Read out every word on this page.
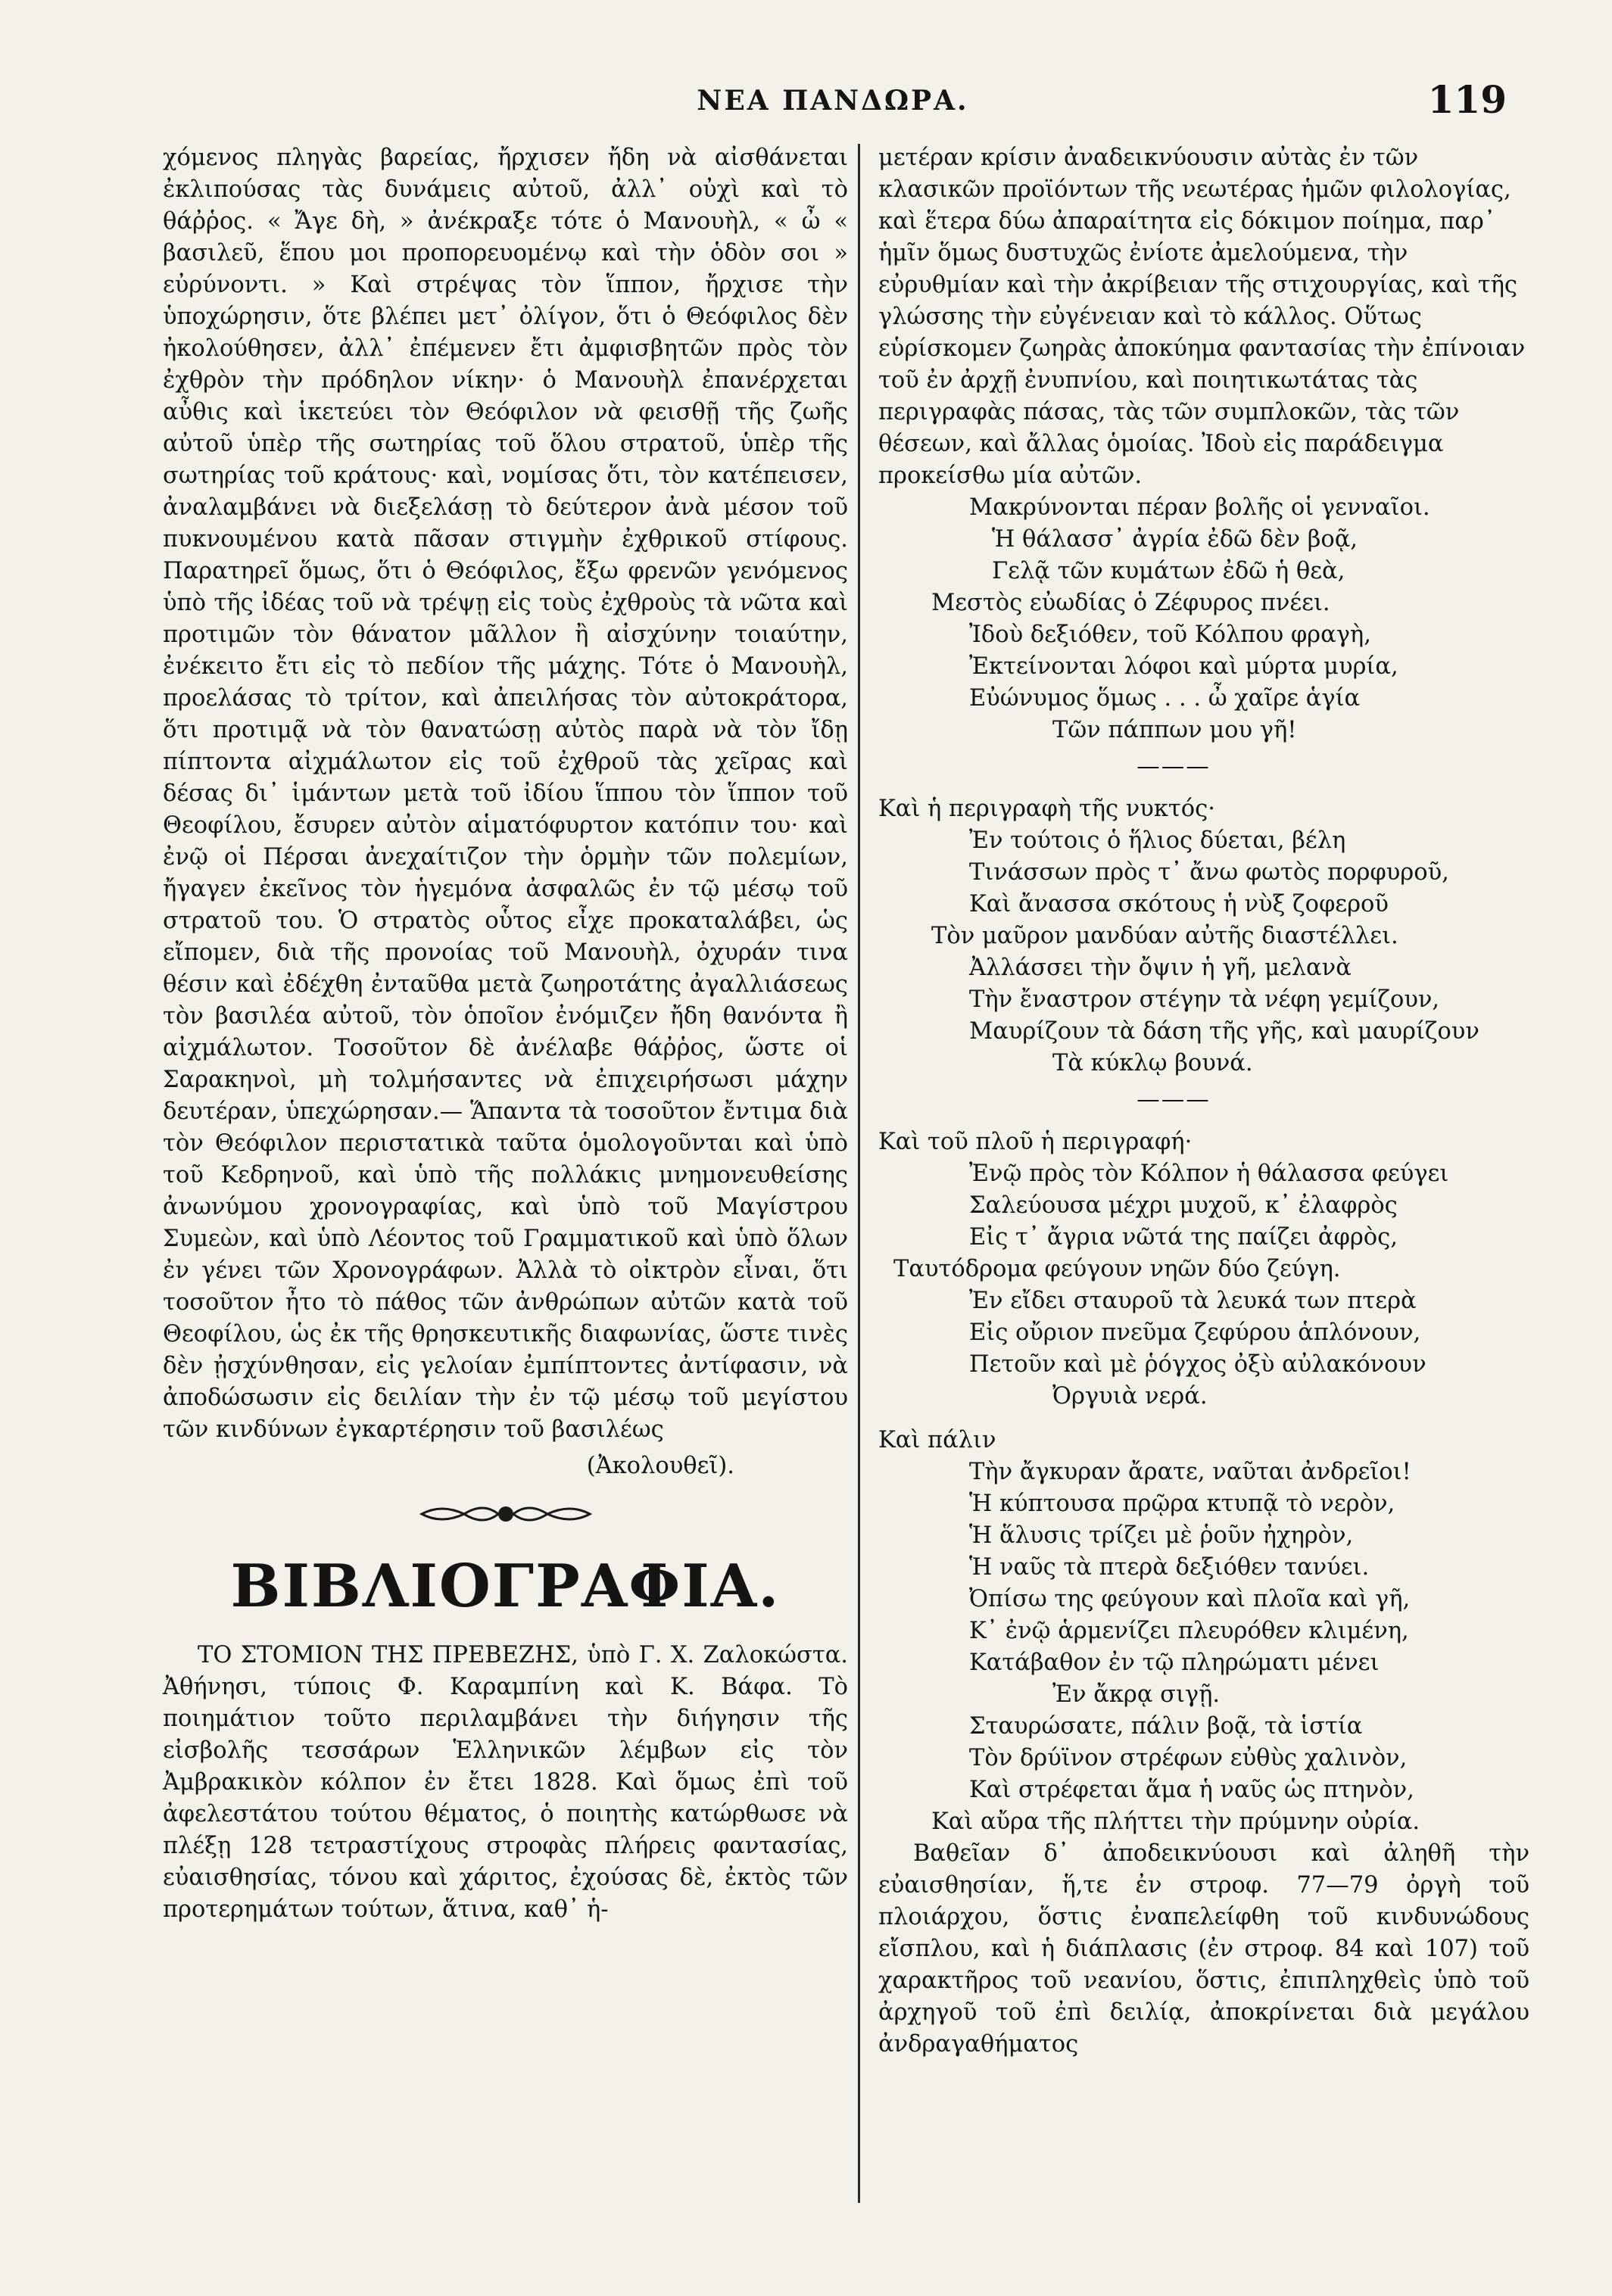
ΝΕΑ ΠΑΝΔΩΡΑ.	119

χόμενος πληγὰς βαρείας, ἤρχισεν ἤδη νὰ αἰσθάνεται ἐκλιπούσας τὰς δυνάμεις αὐτοῦ, ἀλλ᾿ οὐχὶ καὶ τὸ θάῤῥος. « Ἄγε δὴ, » ἀνέκραξε τότε ὁ Μανουὴλ, « ὦ « βασιλεῦ, ἕπου μοι προπορευομένῳ καὶ τὴν ὁδὸν σοι » εὐρύνοντι. » Καὶ στρέψας τὸν ἵππον, ἤρχισε τὴν ὑποχώρησιν, ὅτε βλέπει μετ᾿ ὀλίγον, ὅτι ὁ Θεόφιλος δὲν ἠκολούθησεν, ἀλλ᾿ ἐπέμενεν ἔτι ἀμφισβητῶν πρὸς τὸν ἐχθρὸν τὴν πρόδηλον νίκην· ὁ Μανουὴλ ἐπανέρχεται αὖθις καὶ ἱκετεύει τὸν Θεόφιλον νὰ φεισθῇ τῆς ζωῆς αὐτοῦ ὑπὲρ τῆς σωτηρίας τοῦ ὅλου στρατοῦ, ὑπὲρ τῆς σωτηρίας τοῦ κράτους· καὶ, νομίσας ὅτι, τὸν κατέπεισεν, ἀναλαμβάνει νὰ διεξελάσῃ τὸ δεύτερον ἀνὰ μέσον τοῦ πυκνουμένου κατὰ πᾶσαν στιγμὴν ἐχθρικοῦ στίφους. Παρατηρεῖ ὅμως, ὅτι ὁ Θεόφιλος, ἔξω φρενῶν γενόμενος ὑπὸ τῆς ἰδέας τοῦ νὰ τρέψῃ εἰς τοὺς ἐχθροὺς τὰ νῶτα καὶ προτιμῶν τὸν θάνατον μᾶλλον ἢ αἰσχύνην τοιαύτην, ἐνέκειτο ἔτι εἰς τὸ πεδίον τῆς μάχης. Τότε ὁ Μανουὴλ, προελάσας τὸ τρίτον, καὶ ἀπειλήσας τὸν αὐτοκράτορα, ὅτι προτιμᾷ νὰ τὸν θανατώσῃ αὐτὸς παρὰ νὰ τὸν ἴδῃ πίπτοντα αἰχμάλωτον εἰς τοῦ ἐχθροῦ τὰς χεῖρας καὶ δέσας δι᾿ ἱμάντων μετὰ τοῦ ἰδίου ἵππου τὸν ἵππον τοῦ Θεοφίλου, ἔσυρεν αὐτὸν αἱματόφυρτον κατόπιν του· καὶ ἐνῷ οἱ Πέρσαι ἀνεχαίτιζον τὴν ὁρμὴν τῶν πολεμίων, ἤγαγεν ἐκεῖνος τὸν ἡγεμόνα ἀσφαλῶς ἐν τῷ μέσῳ τοῦ στρατοῦ του. Ὁ στρατὸς οὗτος εἶχε προκαταλάβει, ὡς εἴπομεν, διὰ τῆς προνοίας τοῦ Μανουὴλ, ὀχυράν τινα θέσιν καὶ ἐδέχθη ἐνταῦθα μετὰ ζωηροτάτης ἀγαλλιάσεως τὸν βασιλέα αὐτοῦ, τὸν ὁποῖον ἐνόμιζεν ἤδη θανόντα ἢ αἰχμάλωτον. Τοσοῦτον δὲ ἀνέλαβε θάῤῥος, ὥστε οἱ Σαρακηνοὶ, μὴ τολμήσαντες νὰ ἐπιχειρήσωσι μάχην δευτέραν, ὑπεχώρησαν.— Ἅπαντα τὰ τοσοῦτον ἔντιμα διὰ τὸν Θεόφιλον περιστατικὰ ταῦτα ὁμολογοῦνται καὶ ὑπὸ τοῦ Κεδρηνοῦ, καὶ ὑπὸ τῆς πολλάκις μνημονευθείσης ἀνωνύμου χρονογραφίας, καὶ ὑπὸ τοῦ Μαγίστρου Συμεὼν, καὶ ὑπὸ Λέοντος τοῦ Γραμματικοῦ καὶ ὑπὸ ὅλων ἐν γένει τῶν Χρονογράφων. Ἀλλὰ τὸ οἰκτρὸν εἶναι, ὅτι τοσοῦτον ἦτο τὸ πάθος τῶν ἀνθρώπων αὐτῶν κατὰ τοῦ Θεοφίλου, ὡς ἐκ τῆς θρησκευτικῆς διαφωνίας, ὥστε τινὲς δὲν ᾐσχύνθησαν, εἰς γελοίαν ἐμπίπτοντες ἀντίφασιν, νὰ ἀποδώσωσιν εἰς δειλίαν τὴν ἐν τῷ μέσῳ τοῦ μεγίστου τῶν κινδύνων ἐγκαρτέρησιν τοῦ βασιλέως

(Ἀκολουθεῖ).
ΒΙΒΛΙΟΓΡΑΦΙΑ.

ΤΟ ΣΤΟΜΙΟΝ ΤΗΣ ΠΡΕΒΕΖΗΣ, ὑπὸ Γ. Χ. Ζαλοκώστα. Ἀθήνησι, τύποις Φ. Καραμπίνη καὶ Κ. Βάφα. Τὸ ποιημάτιον τοῦτο περιλαμβάνει τὴν διήγησιν τῆς εἰσβολῆς τεσσάρων Ἑλληνικῶν λέμβων εἰς τὸν Ἀμβρακικὸν κόλπον ἐν ἔτει 1828. Καὶ ὅμως ἐπὶ τοῦ ἀφελεστάτου τούτου θέματος, ὁ ποιητὴς κατώρθωσε νὰ πλέξῃ 128 τετραστίχους στροφὰς πλήρεις φαντασίας, εὐαισθησίας, τόνου καὶ χάριτος, ἐχούσας δὲ, ἐκτὸς τῶν προτερημάτων τούτων, ἅτινα, καθ᾿ ἡ-

μετέραν κρίσιν ἀναδεικνύουσιν αὐτὰς ἐν τῶν κλασικῶν προϊόντων τῆς νεωτέρας ἡμῶν φιλολογίας, καὶ ἕτερα δύω ἀπαραίτητα εἰς δόκιμον ποίημα, παρ᾿ ἡμῖν ὅμως δυστυχῶς ἐνίοτε ἀμελούμενα, τὴν εὐρυθμίαν καὶ τὴν ἀκρίβειαν τῆς στιχουργίας, καὶ τῆς γλώσσης τὴν εὐγένειαν καὶ τὸ κάλλος. Οὕτως εὑρίσκομεν ζωηρὰς ἀποκύημα φαντασίας τὴν ἐπίνοιαν τοῦ ἐν ἀρχῇ ἐνυπνίου, καὶ ποιητικωτάτας τὰς περιγραφὰς πάσας, τὰς τῶν συμπλοκῶν, τὰς τῶν θέσεων, καὶ ἄλλας ὁμοίας. Ἰδοὺ εἰς παράδειγμα προκείσθω μία αὐτῶν.

Μακρύνονται πέραν βολῆς οἱ γενναῖοι.
Ἡ θάλασσ᾿ ἀγρία ἐδῶ δὲν βοᾷ,
Γελᾷ τῶν κυμάτων ἐδῶ ἡ θεὰ,
Μεστὸς εὐωδίας ὁ Ζέφυρος πνέει.
Ἰδοὺ δεξιόθεν, τοῦ Κόλπου φραγὴ,
Ἐκτείνονται λόφοι καὶ μύρτα μυρία,
Εὐώνυμος ὅμως . . . ὦ χαῖρε ἁγία
Τῶν πάππων μου γῆ!
———
Καὶ ἡ περιγραφὴ τῆς νυκτός·
Ἐν τούτοις ὁ ἥλιος δύεται, βέλη
Τινάσσων πρὸς τ᾿ ἄνω φωτὸς πορφυροῦ,
Καὶ ἄνασσα σκότους ἡ νὺξ ζοφεροῦ
Τὸν μαῦρον μανδύαν αὐτῆς διαστέλλει.
Ἀλλάσσει τὴν ὄψιν ἡ γῆ, μελανὰ
Τὴν ἔναστρον στέγην τὰ νέφη γεμίζουν,
Μαυρίζουν τὰ δάση τῆς γῆς, καὶ μαυρίζουν
Τὰ κύκλῳ βουνά.
———
Καὶ τοῦ πλοῦ ἡ περιγραφή·
Ἐνῷ πρὸς τὸν Κόλπον ἡ θάλασσα φεύγει
Σαλεύουσα μέχρι μυχοῦ, κ᾿ ἐλαφρὸς
Εἰς τ᾿ ἄγρια νῶτά της παίζει ἀφρὸς,
Ταυτόδρομα φεύγουν νηῶν δύο ζεύγη.
Ἐν εἴδει σταυροῦ τὰ λευκά των πτερὰ
Εἰς οὔριον πνεῦμα ζεφύρου ἁπλόνουν,
Πετοῦν καὶ μὲ ῥόγχος ὀξὺ αὐλακόνουν
Ὀργυιὰ νερά.
Καὶ πάλιν
Τὴν ἄγκυραν ἄρατε, ναῦται ἀνδρεῖοι!
Ἡ κύπτουσα πρῷρα κτυπᾷ τὸ νερὸν,
Ἡ ἅλυσις τρίζει μὲ ῥοῦν ἠχηρὸν,
Ἡ ναῦς τὰ πτερὰ δεξιόθεν τανύει.
Ὀπίσω της φεύγουν καὶ πλοῖα καὶ γῆ,
Κ᾿ ἐνῷ ἁρμενίζει πλευρόθεν κλιμένη,
Κατάβαθον ἐν τῷ πληρώματι μένει
Ἐν ἄκρᾳ σιγῇ.
Σταυρώσατε, πάλιν βοᾷ, τὰ ἱστία
Τὸν δρύϊνον στρέφων εὐθὺς χαλινὸν,
Καὶ στρέφεται ἅμα ἡ ναῦς ὡς πτηνὸν,
Καὶ αὔρα τῆς πλήττει τὴν πρύμνην οὐρία.

Βαθεῖαν δ᾿ ἀποδεικνύουσι καὶ ἀληθῆ τὴν εὐαισθησίαν, ἥ,τε ἐν στροφ. 77—79 ὀργὴ τοῦ πλοιάρχου, ὅστις ἐναπελείφθη τοῦ κινδυνώδους εἴσπλου, καὶ ἡ διάπλασις (ἐν στροφ. 84 καὶ 107) τοῦ χαρακτῆρος τοῦ νεανίου, ὅστις, ἐπιπληχθεὶς ὑπὸ τοῦ ἀρχηγοῦ τοῦ ἐπὶ δειλίᾳ, ἀποκρίνεται διὰ μεγάλου ἀνδραγαθήματος
